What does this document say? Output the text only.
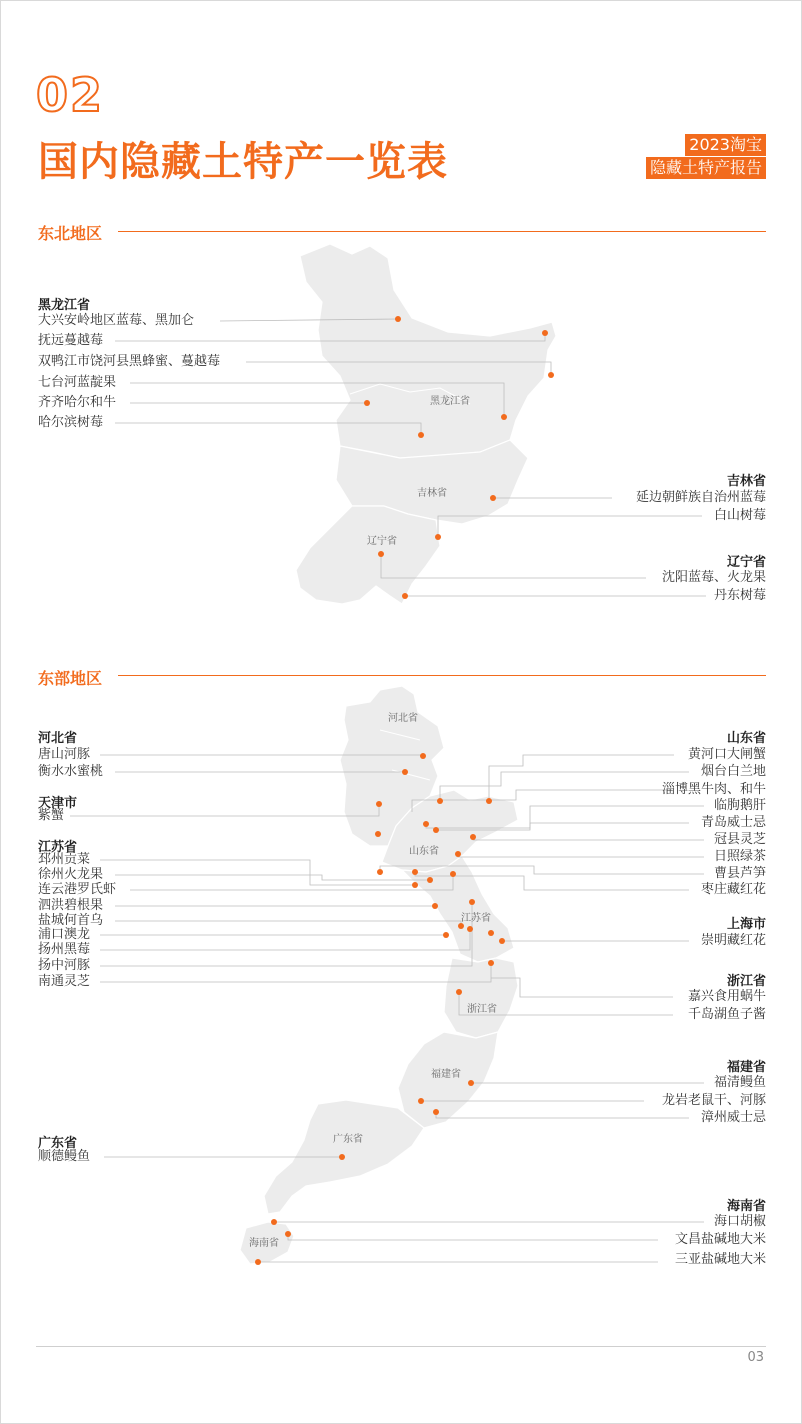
02
国内隐藏土特产一览表	2023淘宝
隐藏土特产报告
东北地区
东部地区
黑龙江省
吉林省
辽宁省
河北省
山东省
江苏省
浙江省
福建省
广东省
海南省
黑龙江省
大兴安岭地区蓝莓、黑加仑
抚远蔓越莓
双鸭江市饶河县黑蜂蜜、蔓越莓
七台河蓝靛果
齐齐哈尔和牛
哈尔滨树莓
吉林省
延边朝鲜族自治州蓝莓
白山树莓
辽宁省
沈阳蓝莓、火龙果
丹东树莓
河北省
唐山河豚
衡水水蜜桃
天津市
紫蟹
江苏省
邳州贡菜
徐州火龙果
连云港罗氏虾
泗洪碧根果
盐城何首乌
浦口澳龙
扬州黑莓
扬中河豚
南通灵芝
广东省
顺德鳗鱼
山东省
黄河口大闸蟹
烟台白兰地
淄博黑牛肉、和牛
临朐鹅肝
青岛威士忌
冠县灵芝
日照绿茶
曹县芦笋
枣庄藏红花
上海市
崇明藏红花
浙江省
嘉兴食用蜗牛
千岛湖鱼子酱
福建省
福清鳗鱼
龙岩老鼠干、河豚
漳州威士忌
海南省
海口胡椒
文昌盐碱地大米
三亚盐碱地大米
03
